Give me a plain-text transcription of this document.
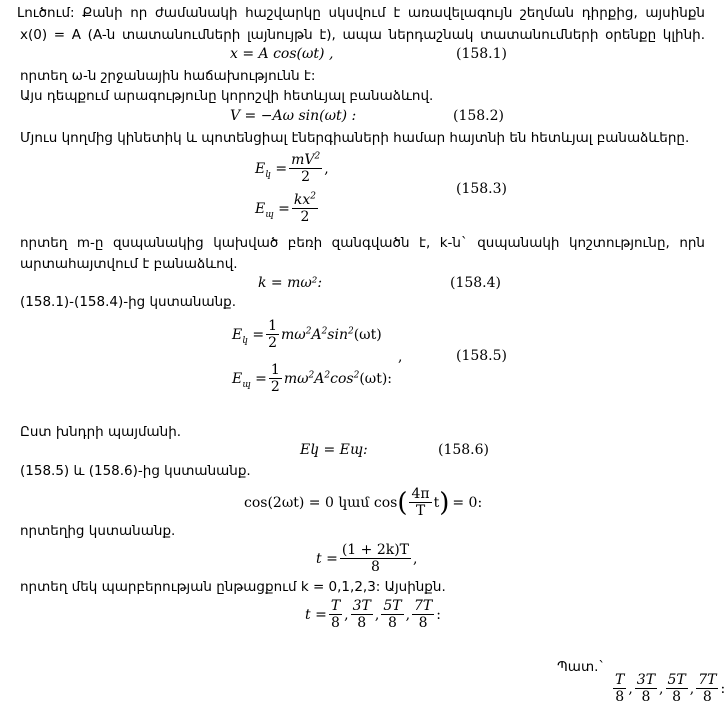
Լուծում: Քանի որ ժամանակի հաշվարկը սկսվում է առավելագույն շեղման դիրքից, այսինքն
x(0) = A (A-ն տատանումների լայնույթն է), ապա ներդաշնակ տատանումների օրենքը կլինի.
x = A cos(ωt) ,	(158.1)
որտեղ ω-ն շրջանային հաճախությունն է:
Այս դեպքում արագությունը կորոշվի հետևյալ բանաձևով.
V = −Aω sin(ωt) :	(158.2)
Մյուս կողմից կինետիկ և պոտենցիալ էներգիաների համար հայտնի են հետևյալ բանաձևերը.
$E_կ = \frac{mV^2}{2}$ ,
$E_պ = \frac{kx^2}{2}$
(158.3)
որտեղ m-ը զսպանակից կախված բեռի զանգվածն է, k-ն` զսպանակի կոշտությունը, որն
արտահայտվում է բանաձևով.
k = mω²:	(158.4)
(158.1)-(158.4)-ից կստանանք.
$E_կ = \frac{1}{2} m\omega^2A^2\sin^2(\omega t)$
,	(158.5)
$E_պ = \frac{1}{2} m\omega^2A^2\cos^2(\omega t)$:
Ըստ խնդրի պայմանի.
Eկ = Eպ:	(158.6)
(158.5) և (158.6)-ից կստանանք.
cos(2ωt) = 0 կամ cos ( $\frac{4\pi}{T}$ t ) = 0:
որտեղից կստանանք.
$t = \frac{(1 + 2k)T}{8}$ ,
որտեղ մեկ պարբերության ընթացքում k = 0,1,2,3: Այսինքն.
$t = \frac{T}{8}$ , $\frac{3T}{8}$ , $\frac{5T}{8}$ , $\frac{7T}{8}$ :
Պատ.`
$\frac{T}{8}$ , $\frac{3T}{8}$ , $\frac{5T}{8}$ , $\frac{7T}{8}$ :
